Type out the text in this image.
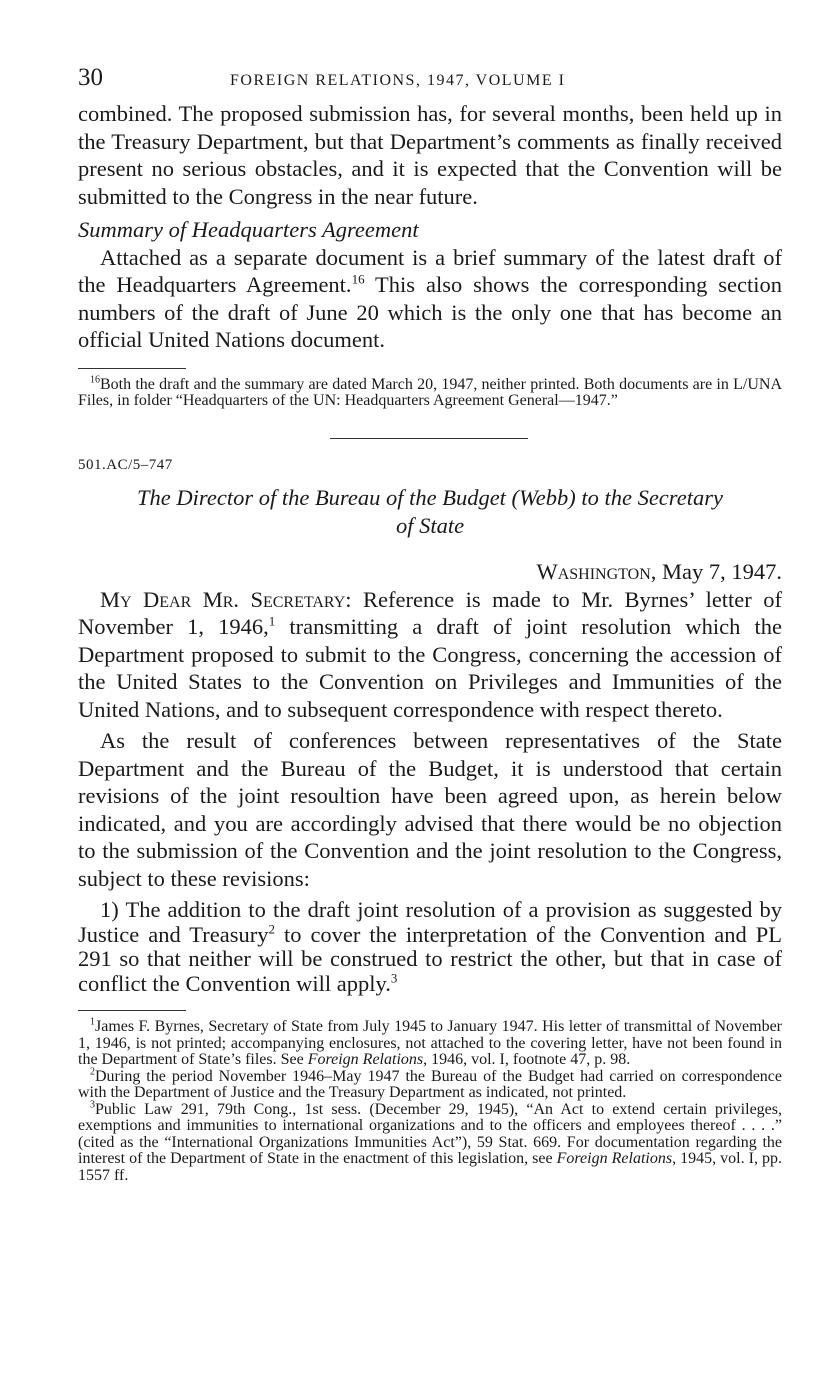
30	FOREIGN RELATIONS, 1947, VOLUME I

combined. The proposed submission has, for several months, been held up in the Treasury Department, but that Department’s comments as finally received present no serious obstacles, and it is expected that the Convention will be submitted to the Congress in the near future.

Summary of Headquarters Agreement

Attached as a separate document is a brief summary of the latest draft of the Headquarters Agreement.$^{16}$ This also shows the corresponding section numbers of the draft of June 20 which is the only one that has become an official United Nations document.

$^{16}$Both the draft and the summary are dated March 20, 1947, neither printed. Both documents are in L/UNA Files, in folder “Headquarters of the UN: Headquarters Agreement General—1947.”

501.AC/5–747

The Director of the Bureau of the Budget (Webb) to the Secretary
of State

Washington, May 7, 1947.

My Dear Mr. Secretary: Reference is made to Mr. Byrnes’ letter of November 1, 1946,$^1$ transmitting a draft of joint resolution which the Department proposed to submit to the Congress, concerning the accession of the United States to the Convention on Privileges and Immunities of the United Nations, and to subsequent correspondence with respect thereto.

As the result of conferences between representatives of the State Department and the Bureau of the Budget, it is understood that certain revisions of the joint resoultion have been agreed upon, as herein below indicated, and you are accordingly advised that there would be no objection to the submission of the Convention and the joint resolution to the Congress, subject to these revisions:

1) The addition to the draft joint resolution of a provision as suggested by Justice and Treasury$^2$ to cover the interpretation of the Convention and PL 291 so that neither will be construed to restrict the other, but that in case of conflict the Convention will apply.$^3$

$^1$James F. Byrnes, Secretary of State from July 1945 to January 1947. His letter of transmittal of November 1, 1946, is not printed; accompanying enclosures, not attached to the covering letter, have not been found in the Department of State’s files. See Foreign Relations, 1946, vol. I, footnote 47, p. 98.

$^2$During the period November 1946–May 1947 the Bureau of the Budget had carried on correspondence with the Department of Justice and the Treasury Department as indicated, not printed.

$^3$Public Law 291, 79th Cong., 1st sess. (December 29, 1945), “An Act to extend certain privileges, exemptions and immunities to international organizations and to the officers and employees thereof . . . .” (cited as the “International Organizations Immunities Act”), 59 Stat. 669. For documentation regarding the interest of the Department of State in the enactment of this legislation, see Foreign Relations, 1945, vol. I, pp. 1557 ff.
